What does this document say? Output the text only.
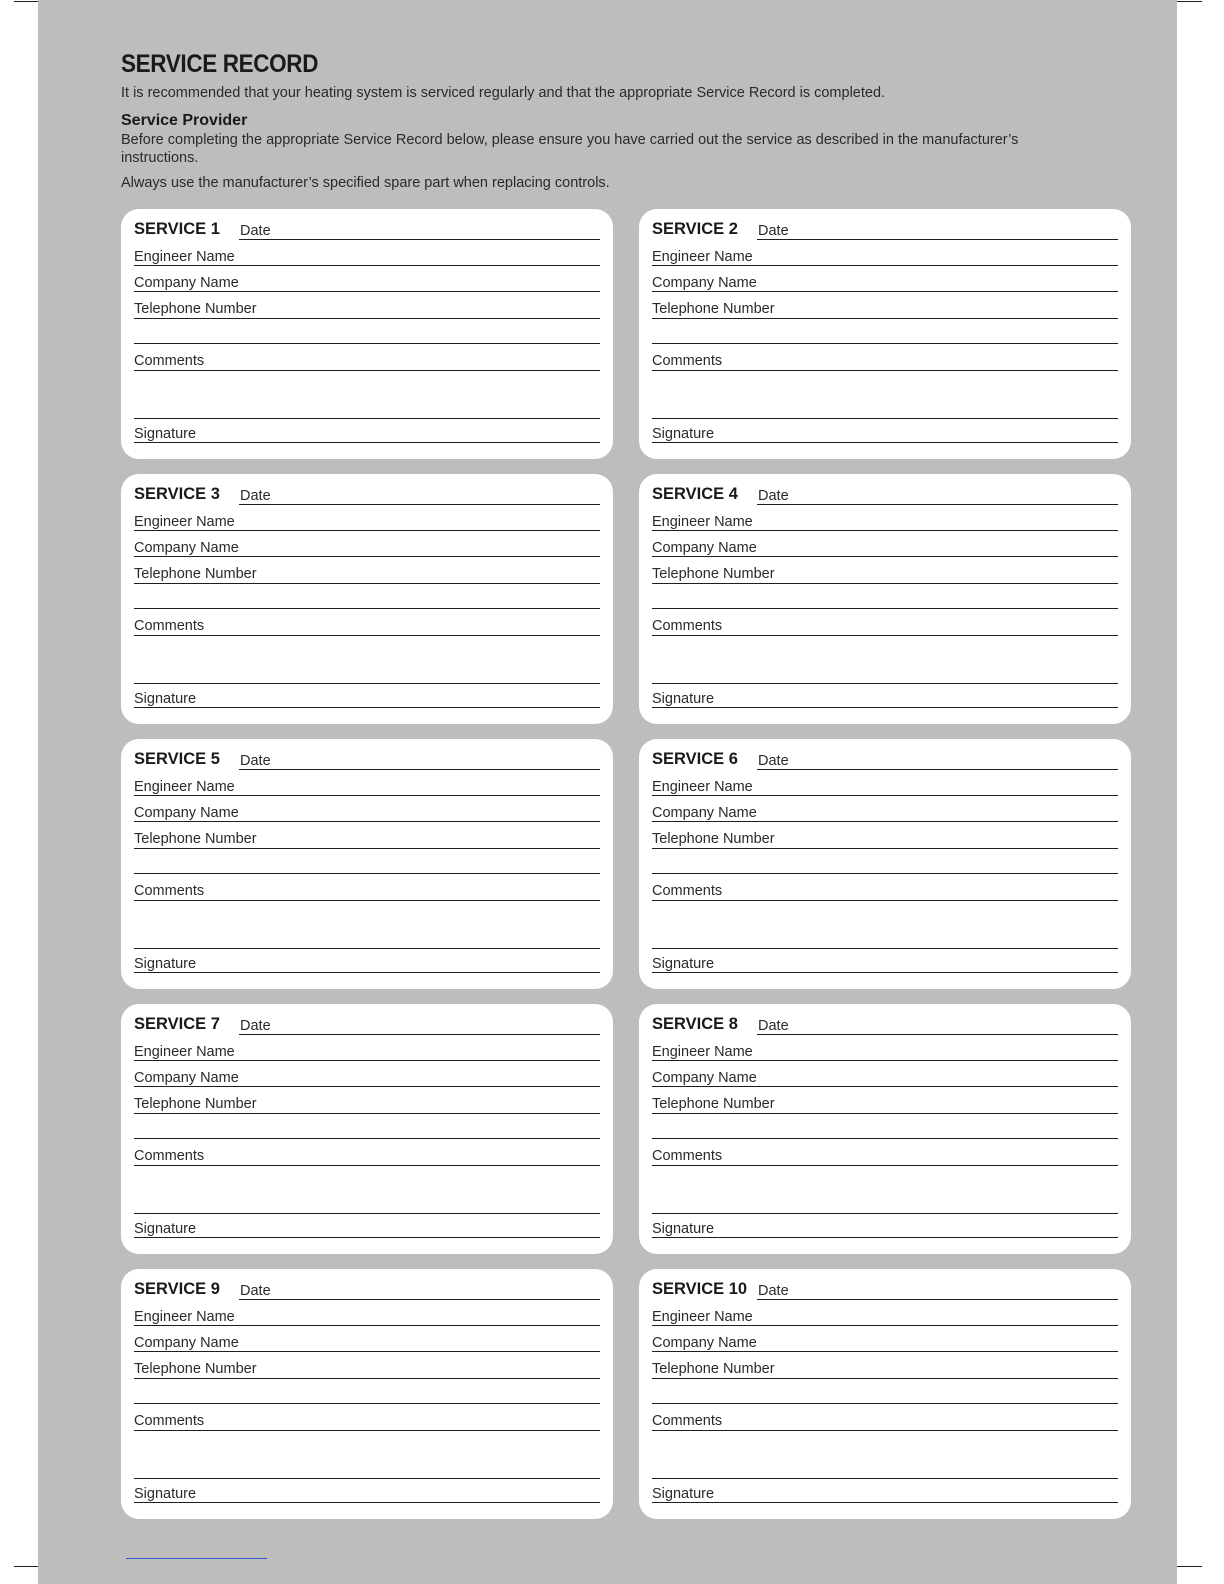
SERVICE RECORD

It is recommended that your heating system is serviced regularly and that the appropriate Service Record is completed.

Service Provider

Before completing the appropriate Service Record below, please ensure you have carried out the service as described in the manufacturer’s instructions.

Always use the manufacturer’s specified spare part when replacing controls.

SERVICE 1 Date
Engineer Name
Company Name
Telephone Number
Comments
Signature
SERVICE 2 Date
Engineer Name
Company Name
Telephone Number
Comments
Signature
SERVICE 3 Date
Engineer Name
Company Name
Telephone Number
Comments
Signature
SERVICE 4 Date
Engineer Name
Company Name
Telephone Number
Comments
Signature
SERVICE 5 Date
Engineer Name
Company Name
Telephone Number
Comments
Signature
SERVICE 6 Date
Engineer Name
Company Name
Telephone Number
Comments
Signature
SERVICE 7 Date
Engineer Name
Company Name
Telephone Number
Comments
Signature
SERVICE 8 Date
Engineer Name
Company Name
Telephone Number
Comments
Signature
SERVICE 9 Date
Engineer Name
Company Name
Telephone Number
Comments
Signature
SERVICE 10 Date
Engineer Name
Company Name
Telephone Number
Comments
Signature
